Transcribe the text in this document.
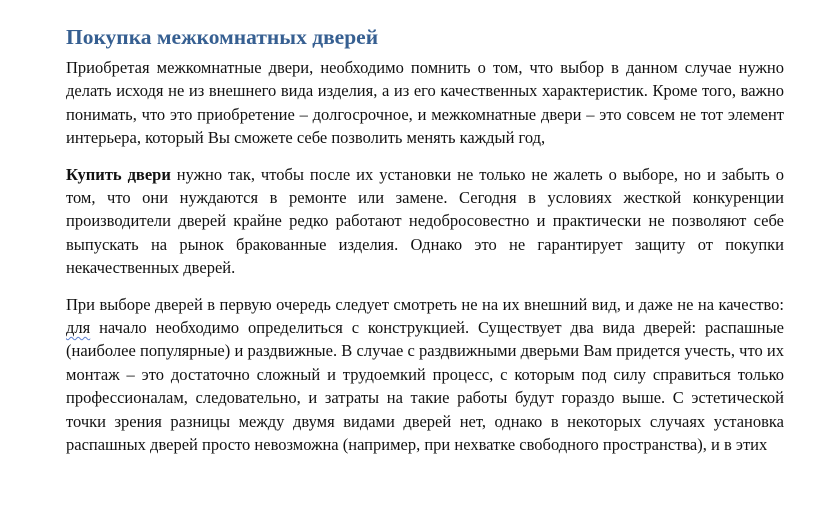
Покупка межкомнатных дверей

Приобретая межкомнатные двери, необходимо помнить о том, что выбор в данном случае нужно делать исходя не из внешнего вида изделия, а из его качественных характеристик. Кроме того, важно понимать, что это приобретение – долгосрочное, и межкомнатные двери – это совсем не тот элемент интерьера, который Вы сможете себе позволить менять каждый год,

Купить двери нужно так, чтобы после их установки не только не жалеть о выборе, но и забыть о том, что они нуждаются в ремонте или замене. Сегодня в условиях жесткой конкуренции производители дверей крайне редко работают недобросовестно и практически не позволяют себе выпускать на рынок бракованные изделия. Однако это не гарантирует защиту от покупки некачественных дверей.

При выборе дверей в первую очередь следует смотреть не на их внешний вид, и даже не на качество: для начало необходимо определиться с конструкцией. Существует два вида дверей: распашные (наиболее популярные) и раздвижные. В случае с раздвижными дверьми Вам придется учесть, что их монтаж – это достаточно сложный и трудоемкий процесс, с которым под силу справиться только профессионалам, следовательно, и затраты на такие работы будут гораздо выше. С эстетической точки зрения разницы между двумя видами дверей нет, однако в некоторых случаях установка распашных дверей просто невозможна (например, при нехватке свободного пространства), и в этих
